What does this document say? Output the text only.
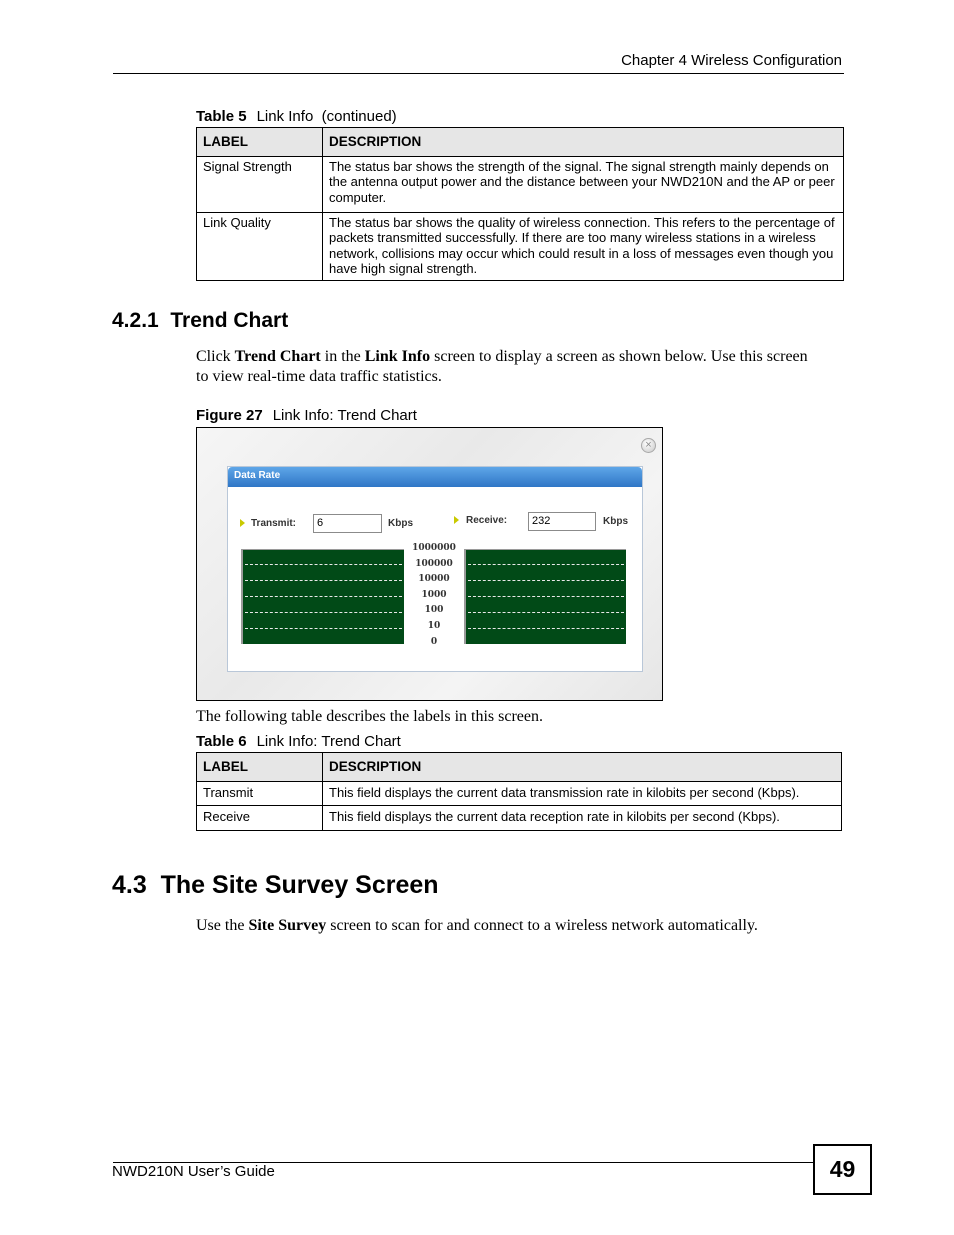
Chapter 4 Wireless Configuration
Table 5 Link Info  (continued)
LABEL	DESCRIPTION
Signal Strength	The status bar shows the strength of the signal. The signal strength mainly depends on the antenna output power and the distance between your NWD210N and the AP or peer computer.
Link Quality	The status bar shows the quality of wireless connection. This refers to the percentage of packets transmitted successfully. If there are too many wireless stations in a wireless network, collisions may occur which could result in a loss of messages even though you have high signal strength.
4.2.1  Trend Chart
Click Trend Chart in the Link Info screen to display a screen as shown below. Use this screen to view real-time data traffic statistics.
Figure 27 Link Info: Trend Chart
×
Data Rate
Transmit:	6	Kbps	Receive:	232	Kbps
1000000
100000
10000
1000
100
10
0
The following table describes the labels in this screen.
Table 6 Link Info: Trend Chart
LABEL	DESCRIPTION
Transmit	This field displays the current data transmission rate in kilobits per second (Kbps).
Receive	This field displays the current data reception rate in kilobits per second (Kbps).
4.3  The Site Survey Screen
Use the Site Survey screen to scan for and connect to a wireless network automatically.
NWD210N User’s Guide	49
